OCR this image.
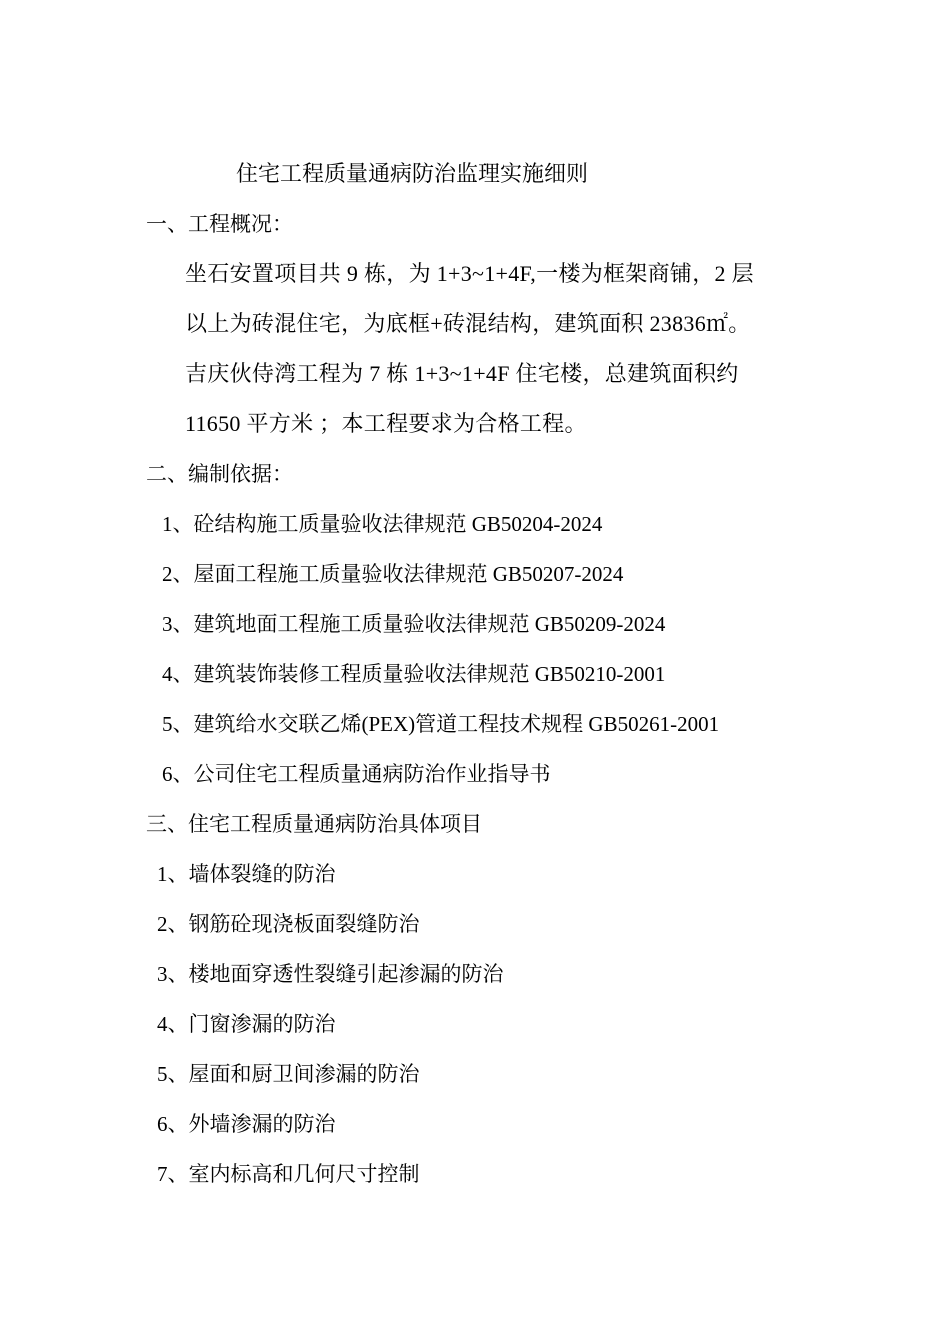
住宅工程质量通病防治监理实施细则
一、工程概况：
坐石安置项目共 9 栋，为 1+3~1+4F,一楼为框架商铺，2 层
以上为砖混住宅，为底框+砖混结构，建筑面积 23836㎡。
吉庆伙侍湾工程为 7 栋 1+3~1+4F 住宅楼，总建筑面积约
11650 平方米 ；本工程要求为合格工程。
二、编制依据：
1、砼结构施工质量验收法律规范 GB50204-2024
2、屋面工程施工质量验收法律规范 GB50207-2024
3、建筑地面工程施工质量验收法律规范 GB50209-2024
4、建筑装饰装修工程质量验收法律规范 GB50210-2001
5、建筑给水交联乙烯(PEX)管道工程技术规程 GB50261-2001
6、公司住宅工程质量通病防治作业指导书
三、住宅工程质量通病防治具体项目
1、墙体裂缝的防治
2、钢筋砼现浇板面裂缝防治
3、楼地面穿透性裂缝引起渗漏的防治
4、门窗渗漏的防治
5、屋面和厨卫间渗漏的防治
6、外墙渗漏的防治
7、室内标高和几何尺寸控制
